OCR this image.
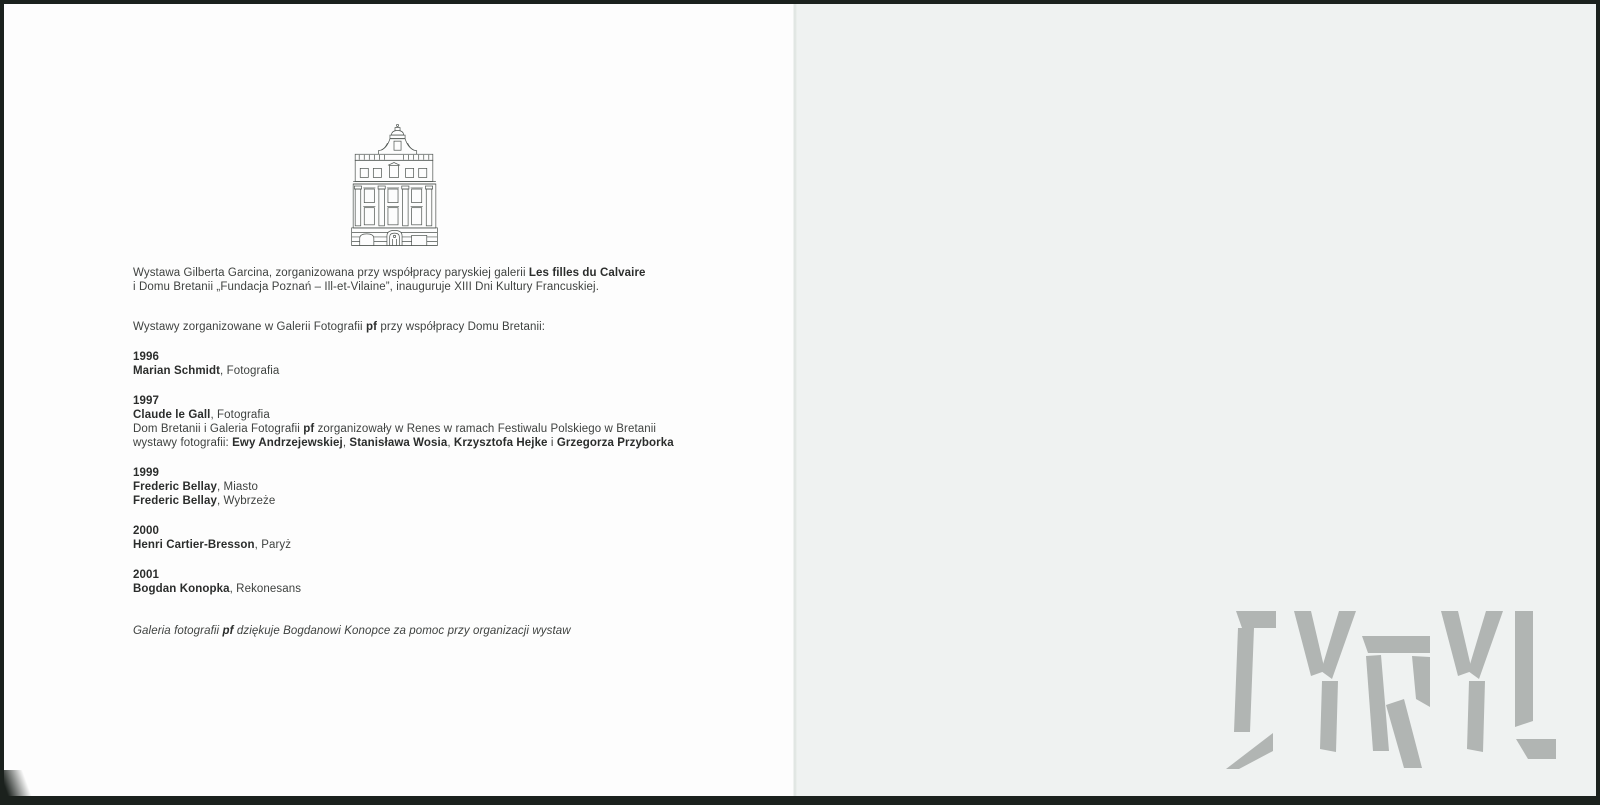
Wystawa Gilberta Garcina, zorganizowana przy współpracy paryskiej galerii Les filles du Calvaire
i Domu Bretanii „Fundacja Poznań – Ill-et-Vilaine”, inauguruje XIII Dni Kultury Francuskiej.
Wystawy zorganizowane w Galerii Fotografii pf przy współpracy Domu Bretanii:
1996
Marian Schmidt, Fotografia
1997
Claude le Gall, Fotografia
Dom Bretanii i Galeria Fotografii pf zorganizowały w Renes w ramach Festiwalu Polskiego w Bretanii
wystawy fotografii: Ewy Andrzejewskiej, Stanisława Wosia, Krzysztofa Hejke i Grzegorza Przyborka
1999
Frederic Bellay, Miasto
Frederic Bellay, Wybrzeże
2000
Henri Cartier-Bresson, Paryż
2001
Bogdan Konopka, Rekonesans
Galeria fotografii pf dziękuje Bogdanowi Konopce za pomoc przy organizacji wystaw
